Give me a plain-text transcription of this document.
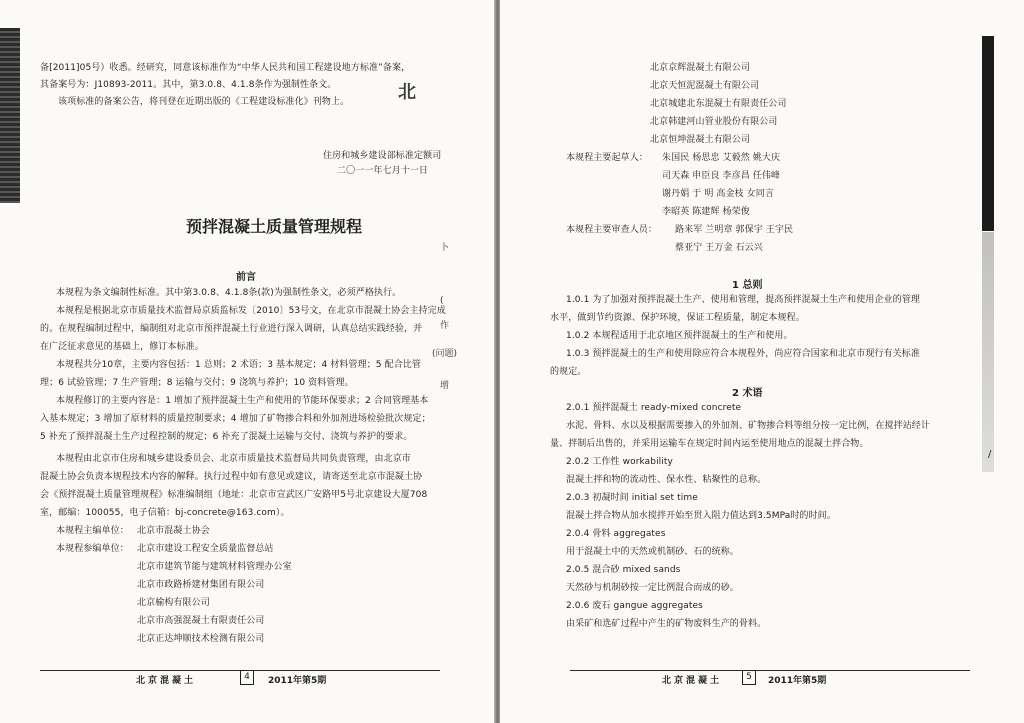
备[2011]05号）收悉。经研究，同意该标准作为“中华人民共和国工程建设地方标准”备案，
其备案号为：J10893-2011。其中，第3.0.8、4.1.8条作为强制性条文。
该项标准的备案公告，将刊登在近期出版的《工程建设标准化》刊物上。
住房和城乡建设部标准定额司
二〇一一年七月十一日
预拌混凝土质量管理规程
前言
本规程为条文编制性标准。其中第3.0.8、4.1.8条(款)为强制性条文，必须严格执行。
本规程是根据北京市质量技术监督局京质监标发〔2010〕53号文，在北京市混凝土协会主持完成
的。在规程编制过程中，编制组对北京市预拌混凝土行业进行深入调研，认真总结实践经验，并
在广泛征求意见的基础上，修订本标准。
本规程共分10章，主要内容包括：1 总则；2 术语；3 基本规定；4 材料管理；5 配合比管
理；6 试验管理；7 生产管理；8 运输与交付；9 浇筑与养护；10 资料管理。
本规程修订的主要内容是：1 增加了预拌混凝土生产和使用的节能环保要求；2 合同管理基本
入基本规定；3 增加了原材料的质量控制要求；4 增加了矿物掺合料和外加剂进场检验批次规定；
5 补充了预拌混凝土生产过程控制的规定；6 补充了混凝土运输与交付、浇筑与养护的要求。
本规程由北京市住房和城乡建设委员会、北京市质量技术监督局共同负责管理，由北京市
混凝土协会负责本规程技术内容的解释。执行过程中如有意见或建议，请寄送至北京市混凝土协
会《预拌混凝土质量管理规程》标准编制组（地址：北京市宣武区广安路甲5号北京建设大厦708
室，邮编：100055，电子信箱：bj-concrete@163.com）。
本规程主编单位： 北京市混凝土协会
本规程参编单位： 北京市建设工程安全质量监督总站
北京市建筑节能与建筑材料管理办公室
北京市政路桥建材集团有限公司
北京榆构有限公司
北京市高强混凝土有限责任公司
北京正达坤顺技术检测有限公司
北
卜
(
作
(问题)
增
北京混凝土	4	2011年第5期
北京京辉混凝土有限公司
北京天恒泥混凝土有限公司
北京城建北东混凝土有限责任公司
北京韩建河山管业股份有限公司
北京恒坤混凝土有限公司
本规程主要起草人： 朱国民 杨思忠 艾毅然 姚大庆
司天森 申臣良 李彦昌 任伟峰
谢丹娟 于 明 高金枝 女同言
李昭英 陈建辉 杨荣俊
本规程主要审查人员： 路来军 兰明章 郭保宇 王宇民
蔡亚宁 王万金 石云兴
1 总则
1.0.1 为了加强对预拌混凝土生产、使用和管理，提高预拌混凝土生产和使用企业的管理
水平，做到节约资源、保护环境，保证工程质量，制定本规程。
1.0.2 本规程适用于北京地区预拌混凝土的生产和使用。
1.0.3 预拌混凝土的生产和使用除应符合本规程外，尚应符合国家和北京市现行有关标准
的规定。
2 术语
2.0.1 预拌混凝土 ready-mixed concrete
水泥、骨料、水以及根据需要掺入的外加剂、矿物掺合料等组分按一定比例，在搅拌站经计
量、拌制后出售的，并采用运输车在规定时间内运至使用地点的混凝土拌合物。
2.0.2 工作性 workability
混凝土拌和物的流动性、保水性、粘聚性的总称。
2.0.3 初凝时间 initial set time
混凝土拌合物从加水搅拌开始至贯入阻力值达到3.5MPa时的时间。
2.0.4 骨料 aggregates
用于混凝土中的天然或机制砂、石的统称。
2.0.5 混合砂 mixed sands
天然砂与机制砂按一定比例混合而成的砂。
2.0.6 废石 gangue aggregates
由采矿和选矿过程中产生的矿物废料生产的骨料。
/
北京混凝土	5	2011年第5期
